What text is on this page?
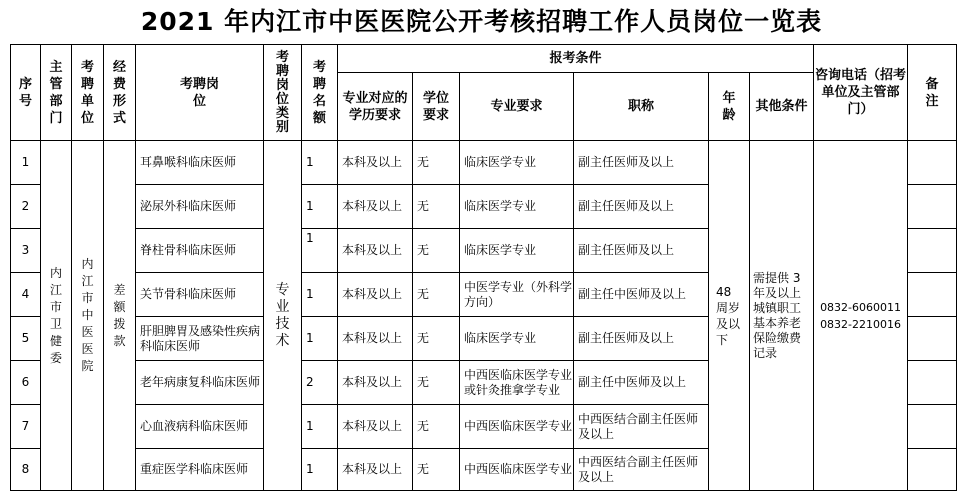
2021 年内江市中医医院公开考核招聘工作人员岗位一览表
序号	主管部门	考聘单位	经费形式	考聘岗位	考聘岗位类别	考聘名额	报考条件						咨询电话（招考单位及主管部门）	备注

							专业对应的学历要求	学位要求	专业要求	职称	年龄	其他条件		
1	内江市卫健委	内江市中医医院	差额拨款	耳鼻喉科临床医师	专业技术	1	本科及以上	无	临床医学专业	副主任医师及以上	48 周岁及以下	需提供 3 年及以上城镇职工基本养老保险缴费记录	0832-6060011
0832-2210016	

2				泌尿外科临床医师		1	本科及以上	无	临床医学专业	副主任医师及以上				
3				脊柱骨科临床医师		1	本科及以上	无	临床医学专业	副主任医师及以上				
4				关节骨科临床医师		1	本科及以上	无	中医学专业（外科学方向）	副主任中医师及以上				
5				肝胆脾胃及感染性疾病科临床医师		1	本科及以上	无	临床医学专业	副主任医师及以上				
6				老年病康复科临床医师		2	本科及以上	无	中西医临床医学专业或针灸推拿学专业	副主任中医师及以上				
7				心血液病科临床医师		1	本科及以上	无	中西医临床医学专业	中西医结合副主任医师及以上				
8				重症医学科临床医师		1	本科及以上	无	中西医临床医学专业	中西医结合副主任医师及以上				
